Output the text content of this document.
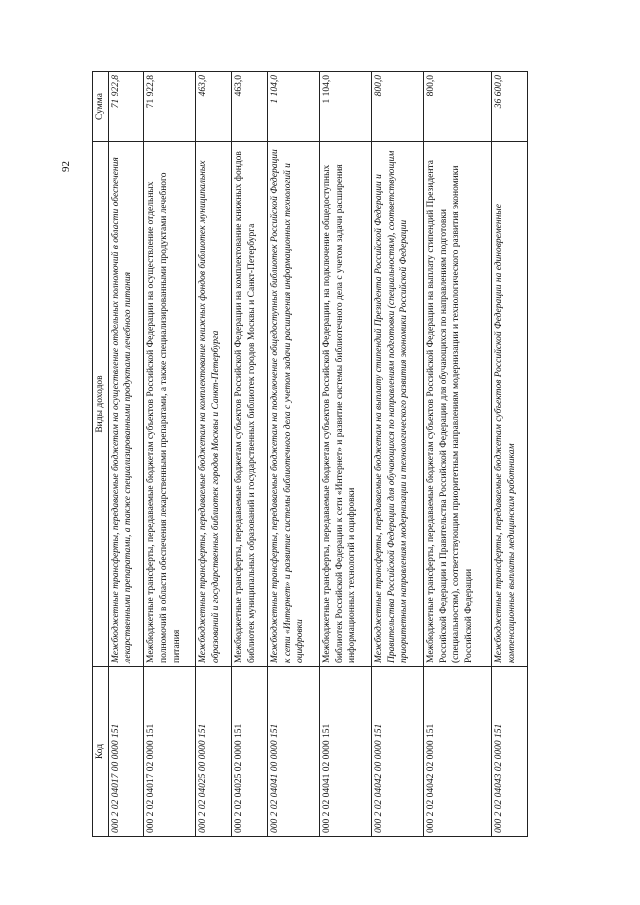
92
Код	Виды доходов	Сумма
000 2 02 04017 00 0000 151	Межбюджетные трансферты, передаваемые бюджетам на осуществление отдельных полномочий в области обеспечения лекарственными препаратами, а также специализированными продуктами лечебного питания	71 922,8
000 2 02 04017 02 0000 151	Межбюджетные трансферты, передаваемые бюджетам субъектов Российской Федерации на осуществление отдельных полномочий в области обеспечения лекарственными препаратами, а также специализированными продуктами лечебного питания	71 922,8
000 2 02 04025 00 0000 151	Межбюджетные трансферты, передаваемые бюджетам на комплектование книжных фондов библиотек муниципальных образований и государственных библиотек городов Москвы и Санкт-Петербурга	463,0
000 2 02 04025 02 0000 151	Межбюджетные трансферты, передаваемые бюджетам субъектов Российской Федерации на комплектование книжных фондов библиотек муниципальных образований и государственных библиотек городов Москвы и Санкт-Петербурга	463,0
000 2 02 04041 00 0000 151	Межбюджетные трансферты, передаваемые бюджетам на подключение общедоступных библиотек Российской Федерации к сети «Интернет» и развитие системы библиотечного дела с учетом задачи расширения информационных технологий и оцифровки	1 104,0
000 2 02 04041 02 0000 151	Межбюджетные трансферты, передаваемые бюджетам субъектов Российской Федерации, на подключение общедоступных библиотек Российской Федерации к сети «Интернет» и развитие системы библиотечного дела с учетом задачи расширения информационных технологий и оцифровки	1 104,0
000 2 02 04042 00 0000 151	Межбюджетные трансферты, передаваемые бюджетам на выплату стипендий Президента Российской Федерации и Правительства Российской Федерации для обучающихся по направлениям подготовки (специальностям), соответствующим приоритетным направлениям модернизации и технологического развития экономики Российской Федерации	800,0
000 2 02 04042 02 0000 151	Межбюджетные трансферты, передаваемые бюджетам субъектов Российской Федерации на выплату стипендий Президента Российской Федерации и Правительства Российской Федерации для обучающихся по направлениям подготовки (специальностям), соответствующим приоритетным направлениям модернизации и технологического развития экономики Российской Федерации	800,0
000 2 02 04043 02 0000 151	Межбюджетные трансферты, передаваемые бюджетам субъектов Российской Федерации на единовременные компенсационные выплаты медицинским работникам	36 600,0
